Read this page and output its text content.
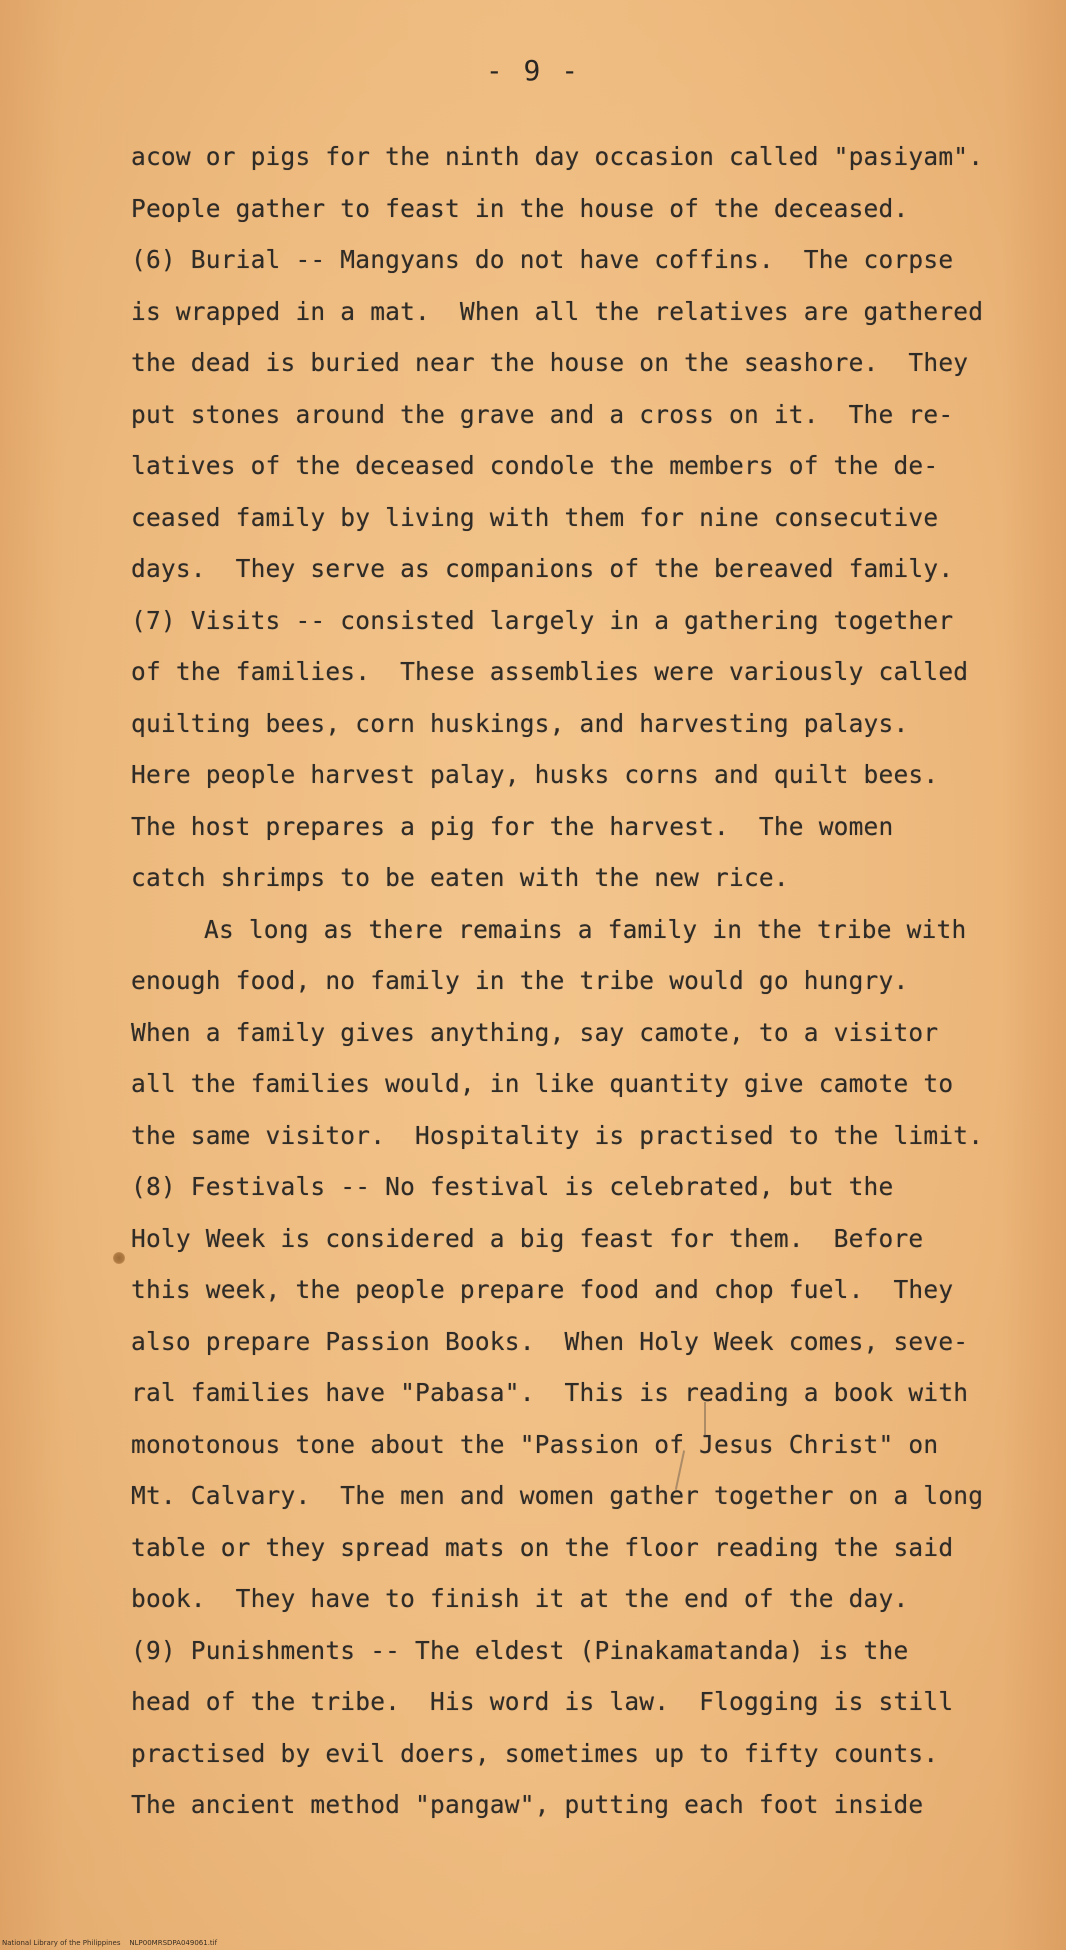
- 9 -
acow or pigs for the ninth day occasion called "pasiyam".
People gather to feast in the house of the deceased.
(6) Burial -- Mangyans do not have coffins.  The corpse
is wrapped in a mat.  When all the relatives are gathered
the dead is buried near the house on the seashore.  They
put stones around the grave and a cross on it.  The re-
latives of the deceased condole the members of the de-
ceased family by living with them for nine consecutive
days.  They serve as companions of the bereaved family.
(7) Visits -- consisted largely in a gathering together
of the families.  These assemblies were variously called
quilting bees, corn huskings, and harvesting palays.
Here people harvest palay, husks corns and quilt bees.
The host prepares a pig for the harvest.  The women
catch shrimps to be eaten with the new rice.
As long as there remains a family in the tribe with
enough food, no family in the tribe would go hungry.
When a family gives anything, say camote, to a visitor
all the families would, in like quantity give camote to
the same visitor.  Hospitality is practised to the limit.
(8) Festivals -- No festival is celebrated, but the
Holy Week is considered a big feast for them.  Before
this week, the people prepare food and chop fuel.  They
also prepare Passion Books.  When Holy Week comes, seve-
ral families have "Pabasa".  This is reading a book with
monotonous tone about the "Passion of Jesus Christ" on
Mt. Calvary.  The men and women gather together on a long
table or they spread mats on the floor reading the said
book.  They have to finish it at the end of the day.
(9) Punishments -- The eldest (Pinakamatanda) is the
head of the tribe.  His word is law.  Flogging is still
practised by evil doers, sometimes up to fifty counts.
The ancient method "pangaw", putting each foot inside
National Library of the Philippines NLP00MRSDPA049061.tif
